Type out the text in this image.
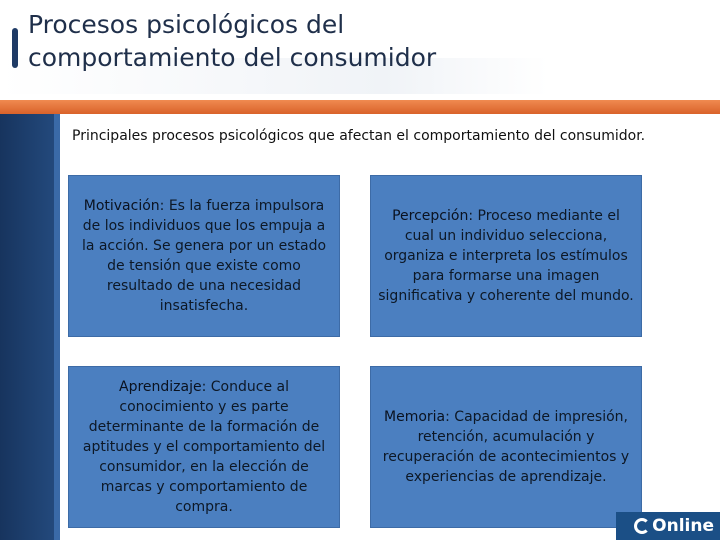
Procesos psicológicos del
comportamiento del consumidor
Principales procesos psicológicos que afectan el comportamiento del consumidor.
Motivación: Es la fuerza impulsora de los individuos que los empuja a la acción. Se genera por un estado de tensión que existe como resultado de una necesidad insatisfecha.
Percepción: Proceso mediante el cual un individuo selecciona, organiza e interpreta los estímulos para formarse una imagen significativa y coherente del mundo.
Aprendizaje: Conduce al conocimiento y es parte determinante de la formación de aptitudes y el comportamiento del consumidor, en la elección de marcas y comportamiento de compra.
Memoria: Capacidad de impresión, retención, acumulación y recuperación de acontecimientos y experiencias de aprendizaje.
Online
